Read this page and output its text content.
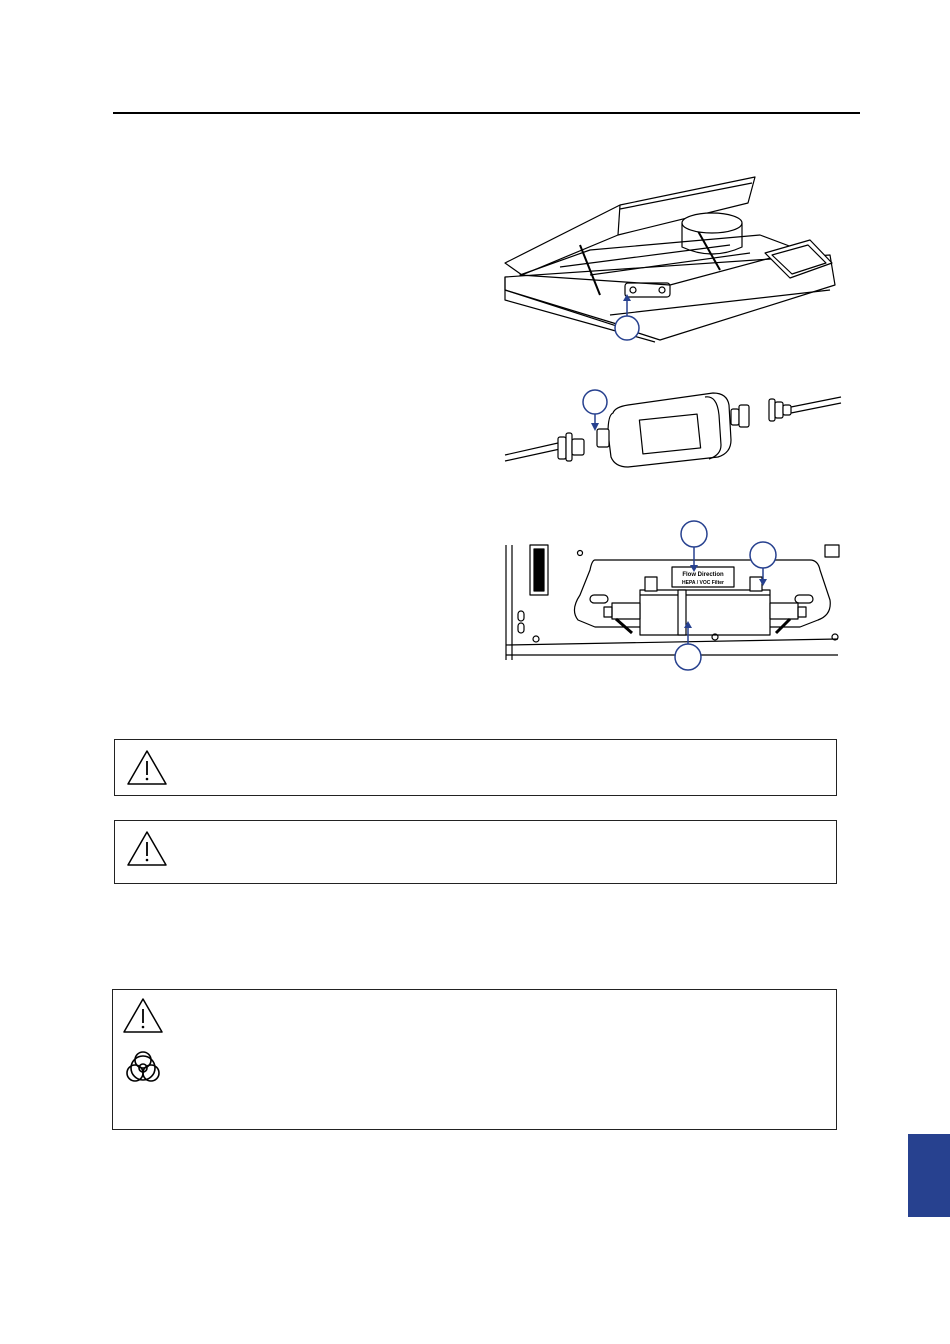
Flow Direction
HEPA / VOC Filter
